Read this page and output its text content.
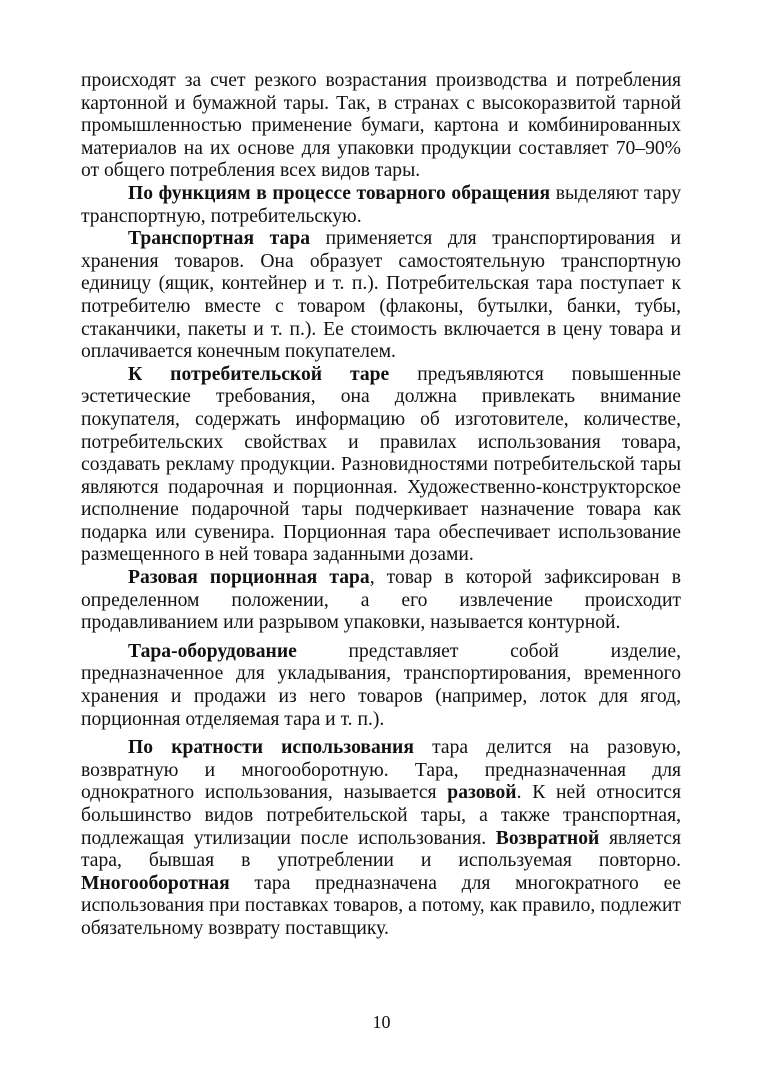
происходят за счет резкого возрастания производства и потребления картонной и бумажной тары. Так, в странах с высокоразвитой тарной промышленностью применение бумаги, картона и комбинированных материалов на их основе для упаковки продукции составляет 70–90% от общего потребления всех видов тары.

По функциям в процессе товарного обращения выделяют тару транспортную, потребительскую.

Транспортная тара применяется для транспортирования и хранения товаров. Она образует самостоятельную транспортную единицу (ящик, контейнер и т. п.). Потребительская тара поступает к потребителю вместе с товаром (флаконы, бутылки, банки, тубы, стаканчики, пакеты и т. п.). Ее стоимость включается в цену товара и оплачивается конечным покупателем.

К потребительской таре предъявляются повышенные эстетические требования, она должна привлекать внимание покупателя, содержать информацию об изготовителе, количестве, потребительских свойствах и правилах использования товара, создавать рекламу продукции. Разновидностями потребительской тары являются подарочная и порционная. Художественно-конструкторское исполнение подарочной тары подчеркивает назначение товара как подарка или сувенира. Порционная тара обеспечивает использование размещенного в ней товара заданными дозами.

Разовая порционная тара, товар в которой зафиксирован в определенном положении, а его извлечение происходит продавливанием или разрывом упаковки, называется контурной.

Тара-оборудование представляет собой изделие, предназначенное для укладывания, транспортирования, временного хранения и продажи из него товаров (например, лоток для ягод, порционная отделяемая тара и т. п.).

По кратности использования тара делится на разовую, возвратную и многооборотную. Тара, предназначенная для однократного использования, называется разовой. К ней относится большинство видов потребительской тары, а также транспортная, подлежащая утилизации после использования. Возвратной является тара, бывшая в употреблении и используемая повторно. Многооборотная тара предназначена для многократного ее использования при поставках товаров, а потому, как правило, подлежит обязательному возврату поставщику.

10
